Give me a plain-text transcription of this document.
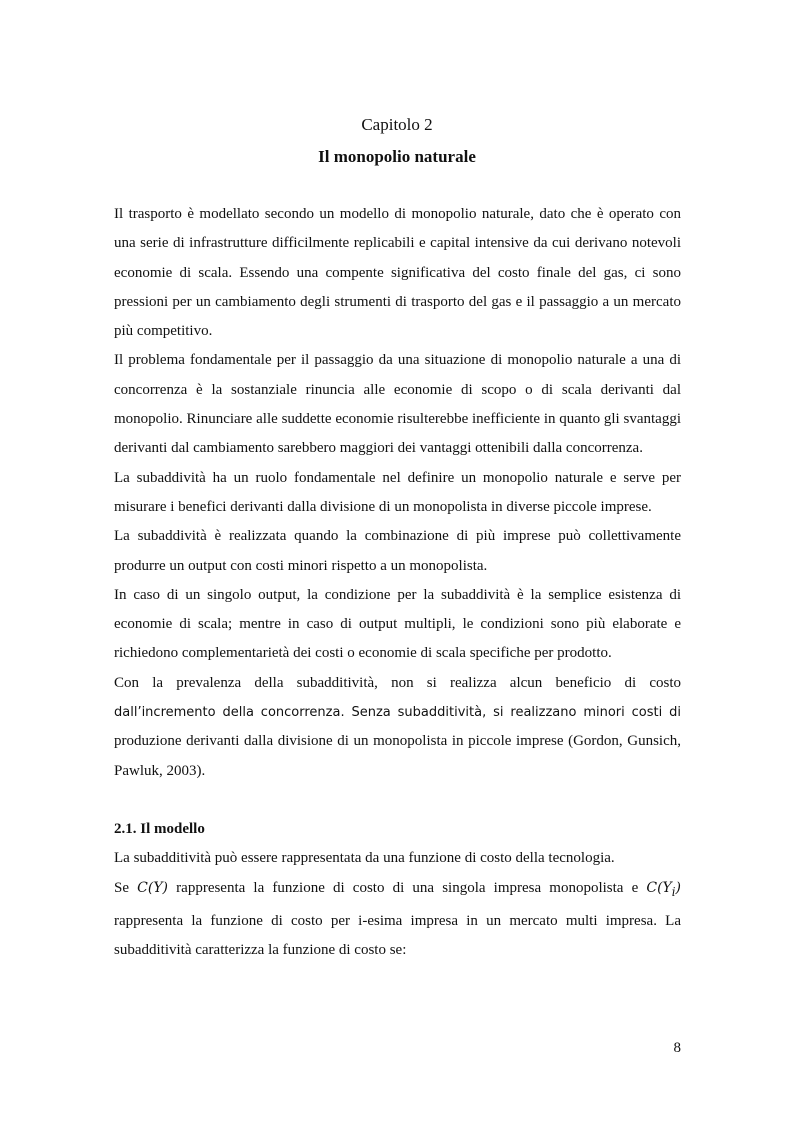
Capitolo 2
Il monopolio naturale

Il trasporto è modellato secondo un modello di monopolio naturale, dato che è operato con una serie di infrastrutture difficilmente replicabili e capital intensive da cui derivano notevoli economie di scala. Essendo una compente significativa del costo finale del gas, ci sono pressioni per un cambiamento degli strumenti di trasporto del gas e il passaggio a un mercato più competitivo.

Il problema fondamentale per il passaggio da una situazione di monopolio naturale a una di concorrenza è la sostanziale rinuncia alle economie di scopo o di scala derivanti dal monopolio. Rinunciare alle suddette economie risulterebbe inefficiente in quanto gli svantaggi derivanti dal cambiamento sarebbero maggiori dei vantaggi ottenibili dalla concorrenza.

La subaddività ha un ruolo fondamentale nel definire un monopolio naturale e serve per misurare i benefici derivanti dalla divisione di un monopolista in diverse piccole imprese.

La subaddività è realizzata quando la combinazione di più imprese può collettivamente produrre un output con costi minori rispetto a un monopolista.

In caso di un singolo output, la condizione per la subaddività è la semplice esistenza di economie di scala; mentre in caso di output multipli, le condizioni sono più elaborate e richiedono complementarietà dei costi o economie di scala specifiche per prodotto.

Con la prevalenza della subadditività, non si realizza alcun beneficio di costo dall’incremento della concorrenza. Senza subadditività, si realizzano minori costi di produzione derivanti dalla divisione di un monopolista in piccole imprese (Gordon, Gunsich, Pawluk, 2003).

2.1. Il modello

La subadditività può essere rappresentata da una funzione di costo della tecnologia.

Se C(Y) rappresenta la funzione di costo di una singola impresa monopolista e $C(Y_i)$ rappresenta la funzione di costo per i-esima impresa in un mercato multi impresa. La subadditività caratterizza la funzione di costo se:

8
